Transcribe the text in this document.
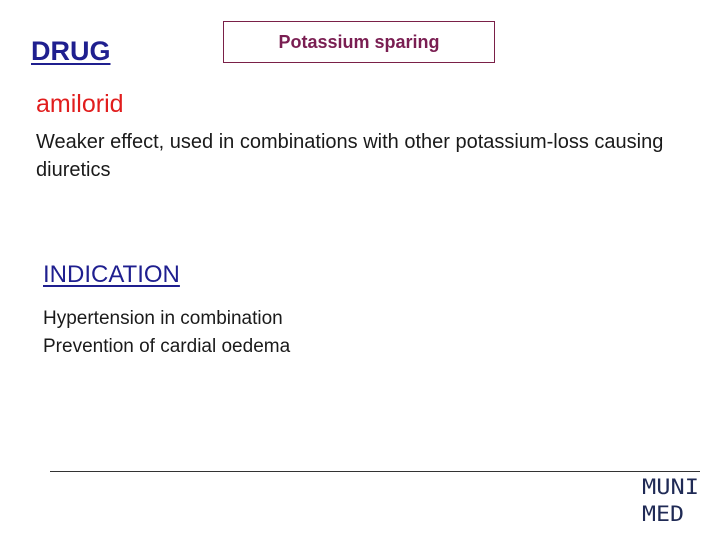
DRUG	Potassium sparing
amilorid
Weaker effect, used in combinations with other potassium-loss causing diuretics
INDICATION
Hypertension in combination
Prevention of cardial oedema
MUNI
MED
